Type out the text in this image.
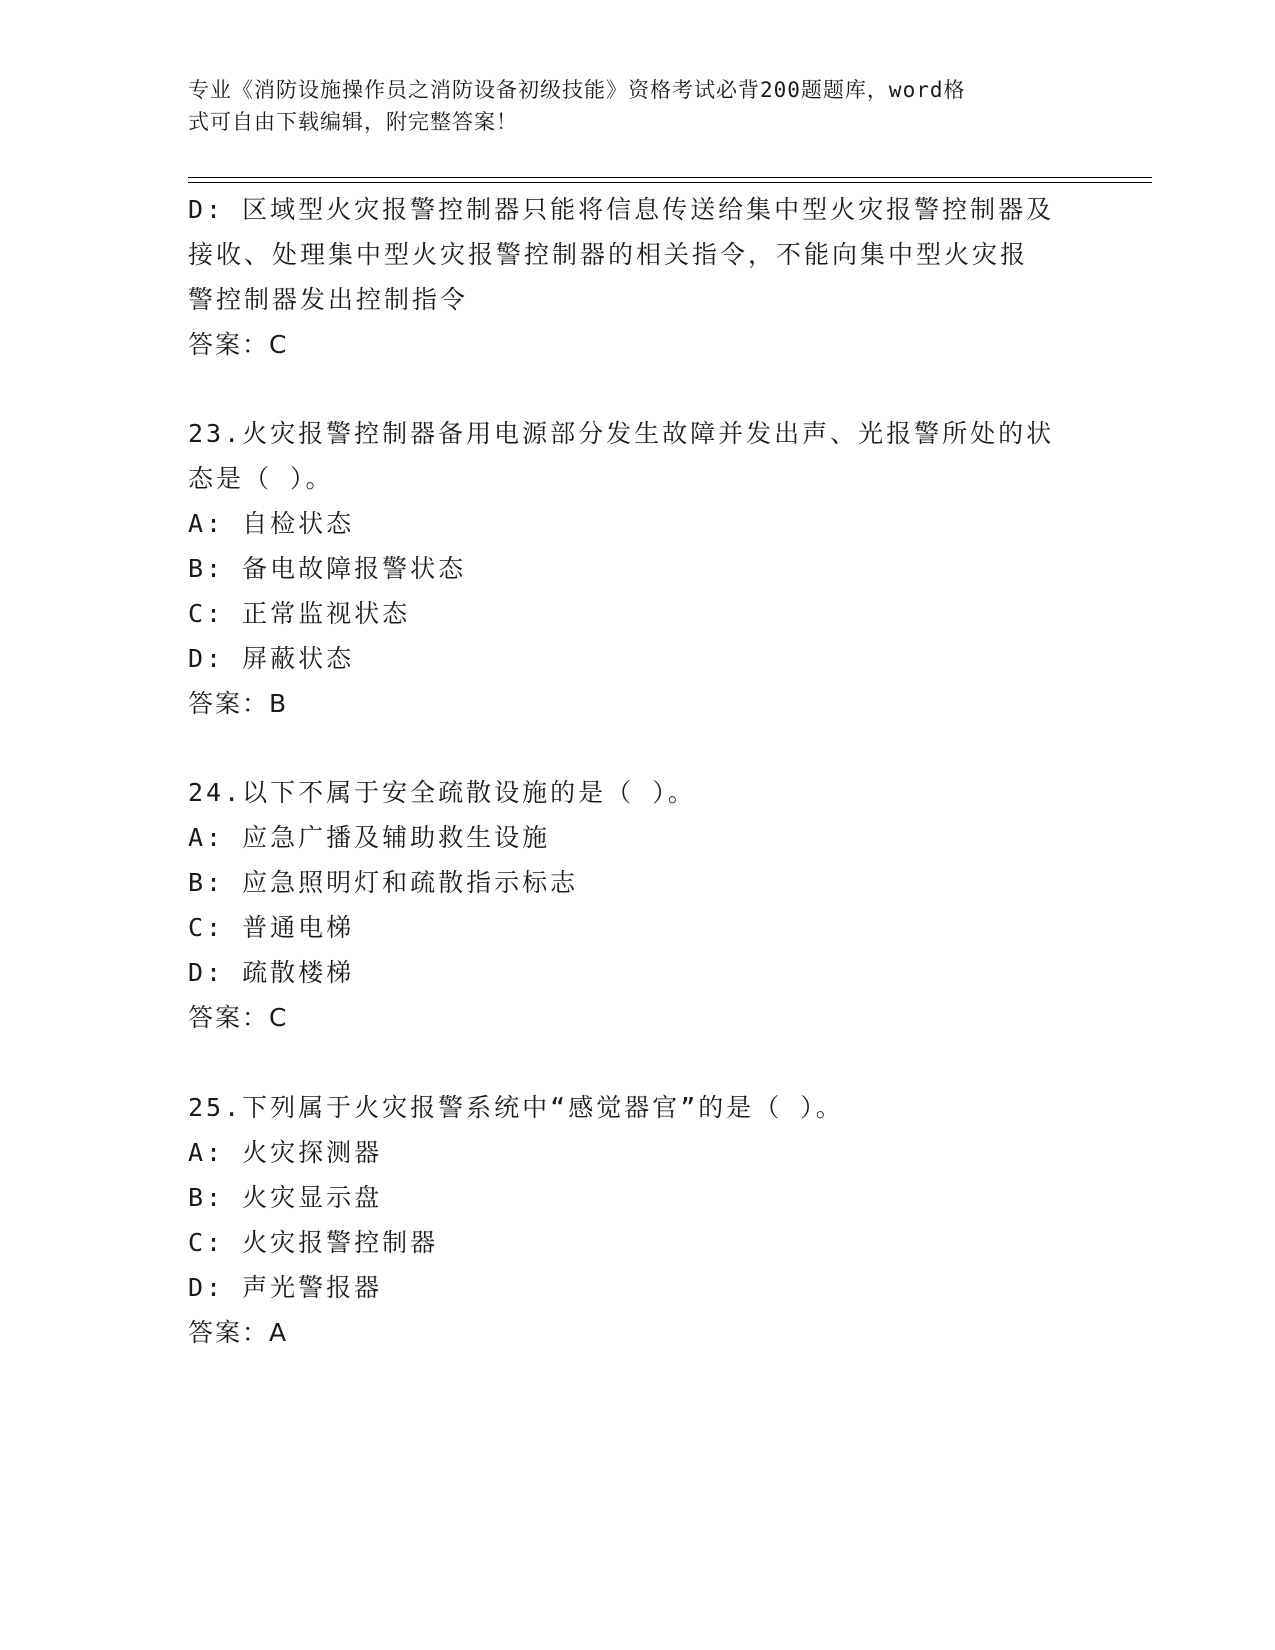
专业《消防设施操作员之消防设备初级技能》资格考试必背200题题库，word格
式可自由下载编辑，附完整答案！
D: 区域型火灾报警控制器只能将信息传送给集中型火灾报警控制器及
接收、处理集中型火灾报警控制器的相关指令，不能向集中型火灾报
警控制器发出控制指令
答案：C
23.火灾报警控制器备用电源部分发生故障并发出声、光报警所处的状
态是（ ）。
A: 自检状态
B: 备电故障报警状态
C: 正常监视状态
D: 屏蔽状态
答案：B
24.以下不属于安全疏散设施的是（ ）。
A: 应急广播及辅助救生设施
B: 应急照明灯和疏散指示标志
C: 普通电梯
D: 疏散楼梯
答案：C
25.下列属于火灾报警系统中“感觉器官”的是（ ）。
A: 火灾探测器
B: 火灾显示盘
C: 火灾报警控制器
D: 声光警报器
答案：A
